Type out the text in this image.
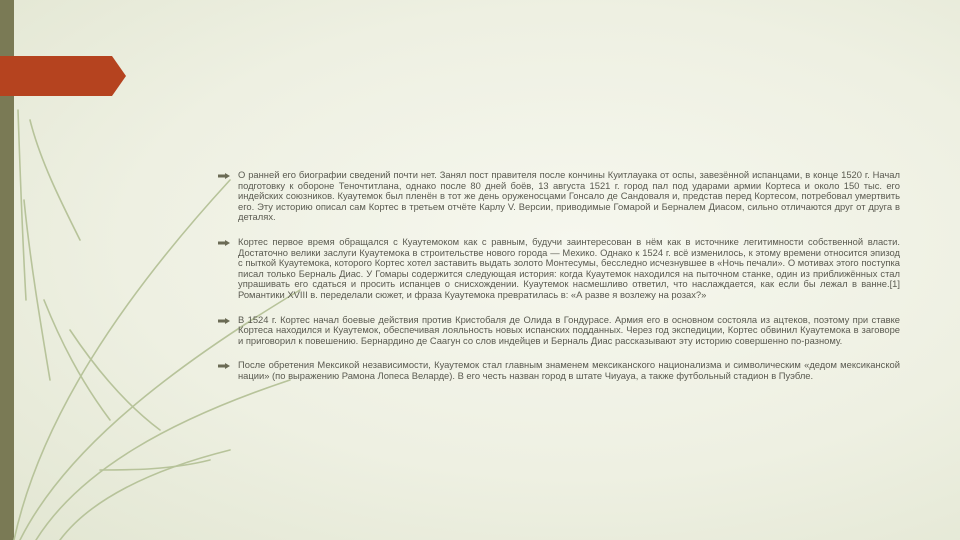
О ранней его биографии сведений почти нет. Занял пост правителя после кончины Куитлауака от оспы, завезённой испанцами, в конце 1520 г. Начал подготовку к обороне Теночтитлана, однако после 80 дней боёв, 13 августа 1521 г. город пал под ударами армии Кортеса и около 150 тыс. его индейских союзников. Куаутемок был пленён в тот же день оруженосцами Гонсало де Сандоваля и, представ перед Кортесом, потребовал умертвить его. Эту историю описал сам Кортес в третьем отчёте Карлу V. Версии, приводимые Гомарой и Берналем Диасом, сильно отличаются друг от друга в деталях.
Кортес первое время обращался с Куаутемоком как с равным, будучи заинтересован в нём как в источнике легитимности собственной власти. Достаточно велики заслуги Куаутемока в строительстве нового города — Мехико. Однако к 1524 г. всё изменилось, к этому времени относится эпизод с пыткой Куаутемока, которого Кортес хотел заставить выдать золото Монтесумы, бесследно исчезнувшее в «Ночь печали». О мотивах этого поступка писал только Берналь Диас. У Гомары содержится следующая история: когда Куаутемок находился на пыточном станке, один из приближённых стал упрашивать его сдаться и просить испанцев о снисхождении. Куаутемок насмешливо ответил, что наслаждается, как если бы лежал в ванне.[1] Романтики XVIII в. переделали сюжет, и фраза Куаутемока превратилась в: «А разве я возлежу на розах?»
В 1524 г. Кортес начал боевые действия против Кристобаля де Олида в Гондурасе. Армия его в основном состояла из ацтеков, поэтому при ставке Кортеса находился и Куаутемок, обеспечивая лояльность новых испанских подданных. Через год экспедиции, Кортес обвинил Куаутемока в заговоре и приговорил к повешению. Бернардино де Саагун со слов индейцев и Берналь Диас рассказывают эту историю совершенно по-разному.
После обретения Мексикой независимости, Куаутемок стал главным знаменем мексиканского национализма и символическим «дедом мексиканской нации» (по выражению Рамона Лопеса Веларде). В его честь назван город в штате Чиуауа, а также футбольный стадион в Пуэбле.
